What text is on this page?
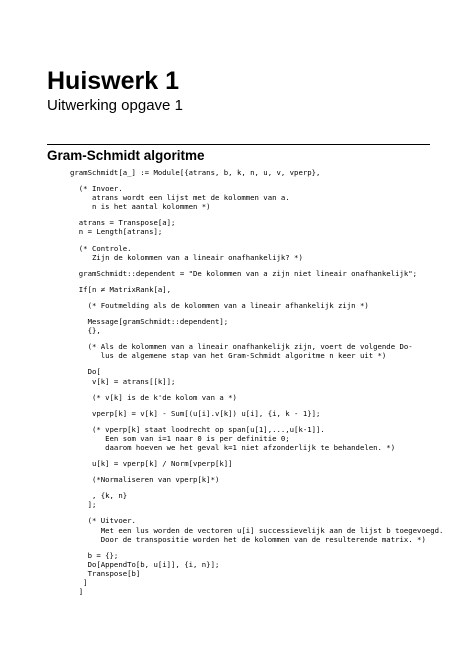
Huiswerk 1
Uitwerking opgave 1
Gram-Schmidt algoritme
gramSchmidt[a_] := Module[{atrans, b, k, n, u, v, vperp},
(* Invoer.
atrans wordt een lijst met de kolommen van a.
n is het aantal kolommen *)
atrans = Transpose[a];
n = Length[atrans];
(* Controle.
Zijn de kolommen van a lineair onafhankelijk? *)
gramSchmidt::dependent = "De kolommen van a zijn niet lineair onafhankelijk";
If[n ≠ MatrixRank[a],
(* Foutmelding als de kolommen van a lineair afhankelijk zijn *)
Message[gramSchmidt::dependent];
{},
(* Als de kolommen van a lineair onafhankelijk zijn, voert de volgende Do-
lus de algemene stap van het Gram-Schmidt algoritme n keer uit *)
Do[
v[k] = atrans[[k]];
(* v[k] is de k'de kolom van a *)
vperp[k] = v[k] - Sum[(u[i].v[k]) u[i], {i, k - 1}];
(* vperp[k] staat loodrecht op span[u[1],...,u[k-1]].
Een som van i=1 naar 0 is per definitie 0;
daarom hoeven we het geval k=1 niet afzonderlijk te behandelen. *)
u[k] = vperp[k] / Norm[vperp[k]]
(*Normaliseren van vperp[k]*)
, {k, n}
];
(* Uitvoer.
Met een lus worden de vectoren u[i] successievelijk aan de lijst b toegevoegd.
Door de transpositie worden het de kolommen van de resulterende matrix. *)
b = {};
Do[AppendTo[b, u[i]], {i, n}];
Transpose[b]
]
]
